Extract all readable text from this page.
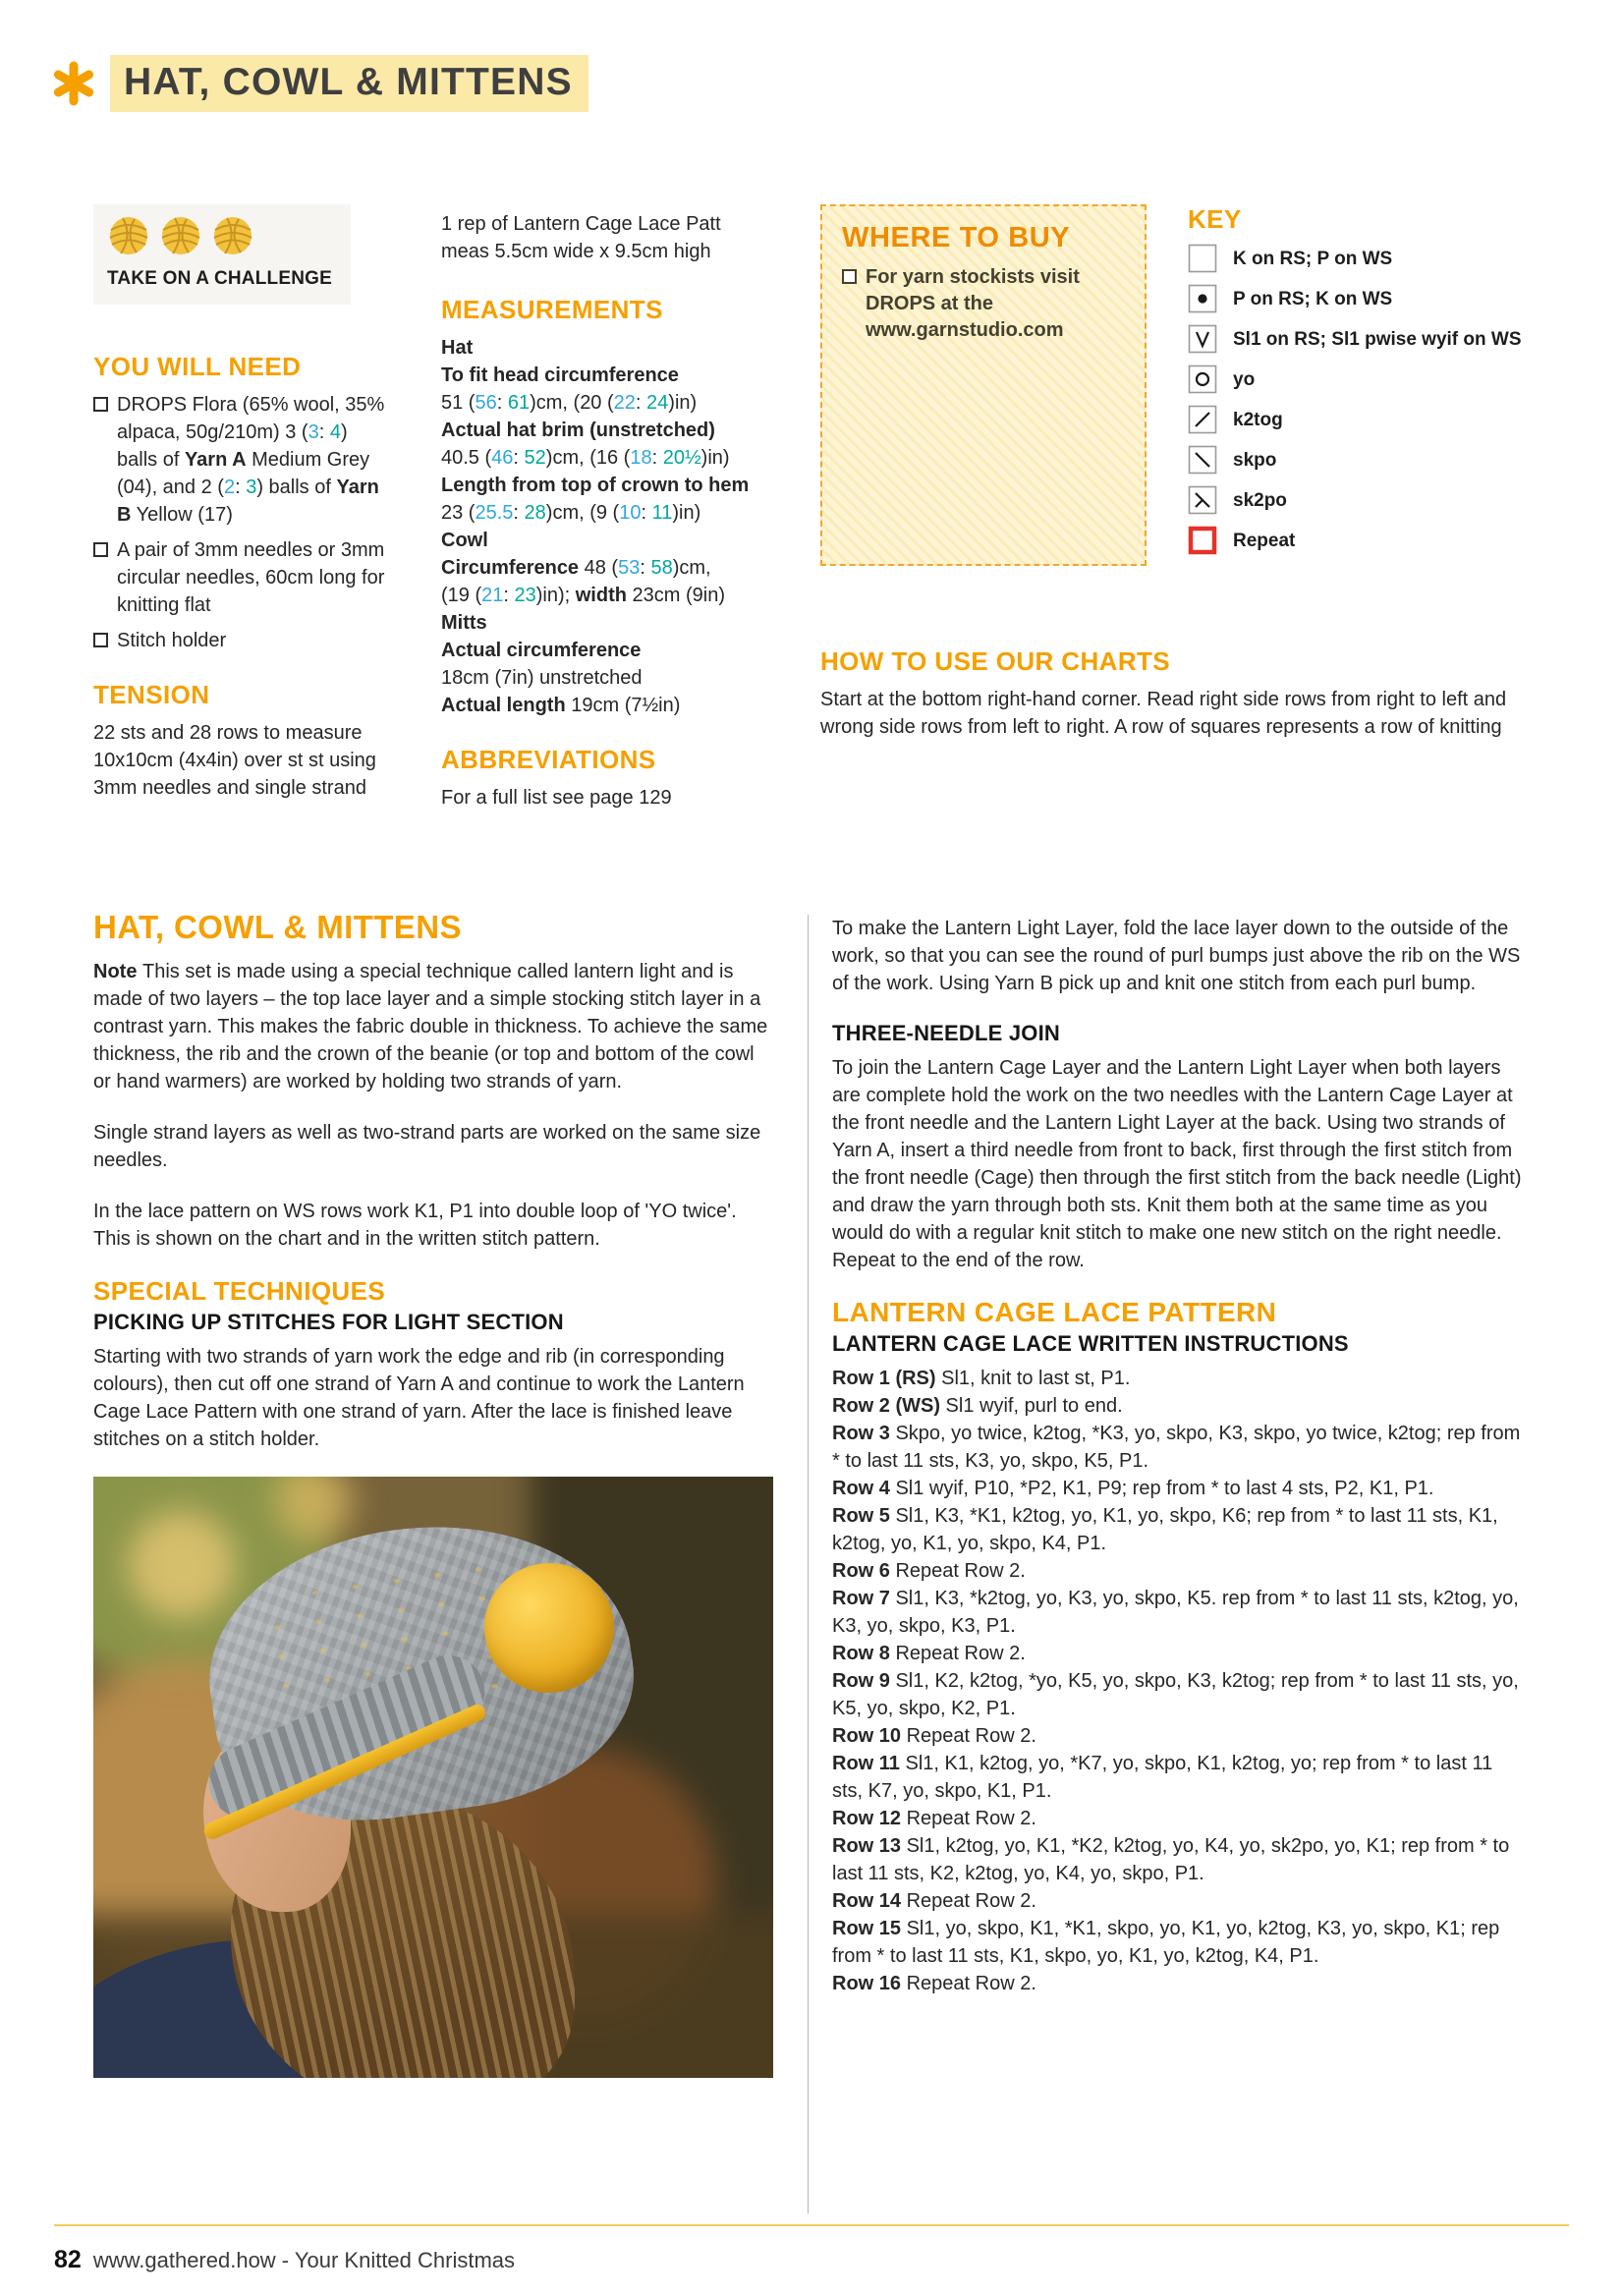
HAT, COWL & MITTENS
TAKE ON A CHALLENGE
YOU WILL NEED
DROPS Flora (65% wool, 35% alpaca, 50g/210m) 3 (3: 4) balls of Yarn A Medium Grey (04), and 2 (2: 3) balls of Yarn B Yellow (17)
A pair of 3mm needles or 3mm circular needles, 60cm long for knitting flat
Stitch holder
TENSION

22 sts and 28 rows to measure 10x10cm (4x4in) over st st using 3mm needles and single strand

1 rep of Lantern Cage Lace Patt meas 5.5cm wide x 9.5cm high

MEASUREMENTS
Hat
To fit head circumference
51 (56: 61)cm, (20 (22: 24)in)
Actual hat brim (unstretched)
40.5 (46: 52)cm, (16 (18: 20½)in)
Length from top of crown to hem
23 (25.5: 28)cm, (9 (10: 11)in)
Cowl
Circumference 48 (53: 58)cm,
(19 (21: 23)in); width 23cm (9in)
Mitts
Actual circumference
18cm (7in) unstretched
Actual length 19cm (7½in)
ABBREVIATIONS

For a full list see page 129

WHERE TO BUY
For yarn stockists visit DROPS at the www.garnstudio.com
KEY
K on RS; P on WS
P on RS; K on WS
Sl1 on RS; Sl1 pwise wyif on WS
yo
k2tog
skpo
sk2po
Repeat
HOW TO USE OUR CHARTS

Start at the bottom right-hand corner. Read right side rows from right to left and wrong side rows from left to right. A row of squares represents a row of knitting

HAT, COWL & MITTENS

Note This set is made using a special technique called lantern light and is made of two layers – the top lace layer and a simple stocking stitch layer in a contrast yarn. This makes the fabric double in thickness. To achieve the same thickness, the rib and the crown of the beanie (or top and bottom of the cowl or hand warmers) are worked by holding two strands of yarn.

Single strand layers as well as two-strand parts are worked on the same size needles.

In the lace pattern on WS rows work K1, P1 into double loop of 'YO twice'. This is shown on the chart and in the written stitch pattern.

SPECIAL TECHNIQUES
PICKING UP STITCHES FOR LIGHT SECTION

Starting with two strands of yarn work the edge and rib (in corresponding colours), then cut off one strand of Yarn A and continue to work the Lantern Cage Lace Pattern with one strand of yarn. After the lace is finished leave stitches on a stitch holder.

To make the Lantern Light Layer, fold the lace layer down to the outside of the work, so that you can see the round of purl bumps just above the rib on the WS of the work. Using Yarn B pick up and knit one stitch from each purl bump.

THREE-NEEDLE JOIN

To join the Lantern Cage Layer and the Lantern Light Layer when both layers are complete hold the work on the two needles with the Lantern Cage Layer at the front needle and the Lantern Light Layer at the back. Using two strands of Yarn A, insert a third needle from front to back, first through the first stitch from the front needle (Cage) then through the first stitch from the back needle (Light) and draw the yarn through both sts. Knit them both at the same time as you would do with a regular knit stitch to make one new stitch on the right needle. Repeat to the end of the row.

LANTERN CAGE LACE PATTERN
LANTERN CAGE LACE WRITTEN INSTRUCTIONS

Row 1 (RS) Sl1, knit to last st, P1.

Row 2 (WS) Sl1 wyif, purl to end.

Row 3 Skpo, yo twice, k2tog, *K3, yo, skpo, K3, skpo, yo twice, k2tog; rep from * to last 11 sts, K3, yo, skpo, K5, P1.

Row 4 Sl1 wyif, P10, *P2, K1, P9; rep from * to last 4 sts, P2, K1, P1.

Row 5 Sl1, K3, *K1, k2tog, yo, K1, yo, skpo, K6; rep from * to last 11 sts, K1, k2tog, yo, K1, yo, skpo, K4, P1.

Row 6 Repeat Row 2.

Row 7 Sl1, K3, *k2tog, yo, K3, yo, skpo, K5. rep from * to last 11 sts, k2tog, yo, K3, yo, skpo, K3, P1.

Row 8 Repeat Row 2.

Row 9 Sl1, K2, k2tog, *yo, K5, yo, skpo, K3, k2tog; rep from * to last 11 sts, yo, K5, yo, skpo, K2, P1.

Row 10 Repeat Row 2.

Row 11 Sl1, K1, k2tog, yo, *K7, yo, skpo, K1, k2tog, yo; rep from * to last 11 sts, K7, yo, skpo, K1, P1.

Row 12 Repeat Row 2.

Row 13 Sl1, k2tog, yo, K1, *K2, k2tog, yo, K4, yo, sk2po, yo, K1; rep from * to last 11 sts, K2, k2tog, yo, K4, yo, skpo, P1.

Row 14 Repeat Row 2.

Row 15 Sl1, yo, skpo, K1, *K1, skpo, yo, K1, yo, k2tog, K3, yo, skpo, K1; rep from * to last 11 sts, K1, skpo, yo, K1, yo, k2tog, K4, P1.

Row 16 Repeat Row 2.

82 www.gathered.how - Your Knitted Christmas
